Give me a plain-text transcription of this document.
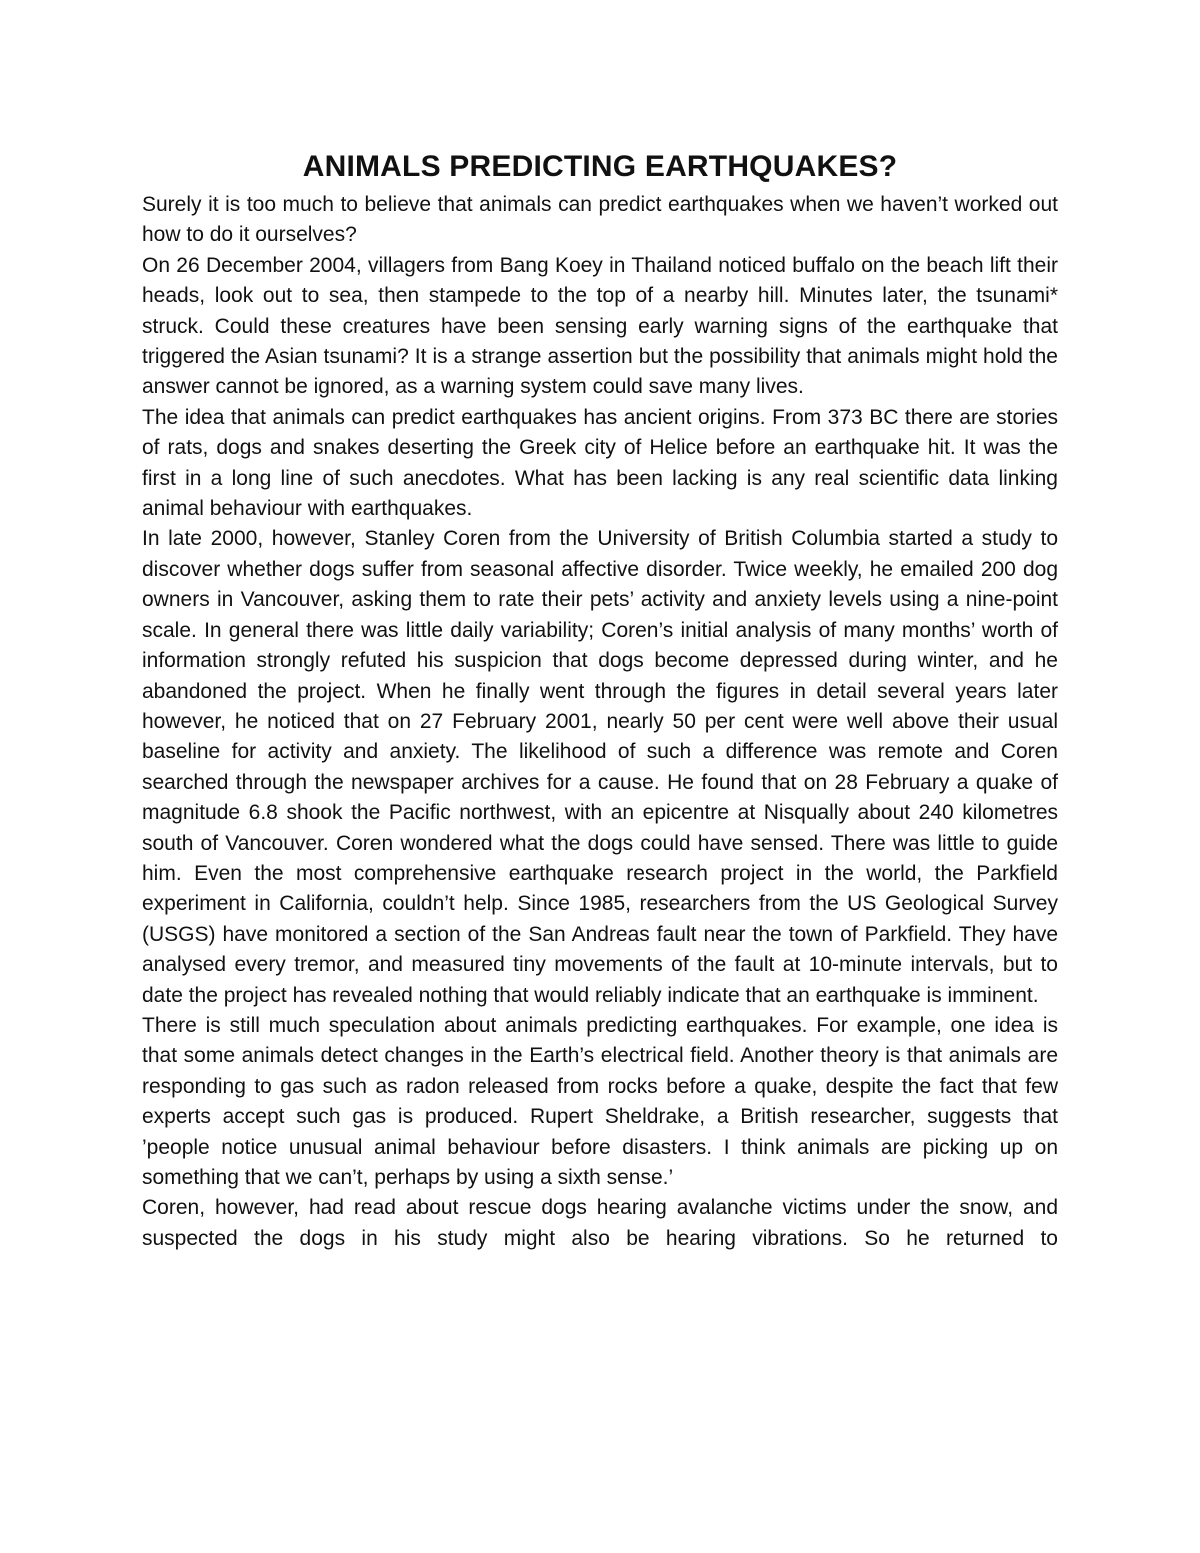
ANIMALS PREDICTING EARTHQUAKES?

Surely it is too much to believe that animals can predict earthquakes when we haven’t worked out how to do it ourselves?

On 26 December 2004, villagers from Bang Koey in Thailand noticed buffalo on the beach lift their heads, look out to sea, then stampede to the top of a nearby hill. Minutes later, the tsunami* struck. Could these creatures have been sensing early warning signs of the earthquake that triggered the Asian tsunami? It is a strange assertion but the possibility that animals might hold the answer cannot be ignored, as a warning system could save many lives.

The idea that animals can predict earthquakes has ancient origins. From 373 BC there are stories of rats, dogs and snakes deserting the Greek city of Helice before an earthquake hit. It was the first in a long line of such anecdotes. What has been lacking is any real scientific data linking animal behaviour with earthquakes.

In late 2000, however, Stanley Coren from the University of British Columbia started a study to discover whether dogs suffer from seasonal affective disorder. Twice weekly, he emailed 200 dog owners in Vancouver, asking them to rate their pets’ activity and anxiety levels using a nine-point scale. In general there was little daily variability; Coren’s initial analysis of many months’ worth of information strongly refuted his suspicion that dogs become depressed during winter, and he abandoned the project. When he finally went through the figures in detail several years later however, he noticed that on 27 February 2001, nearly 50 per cent were well above their usual baseline for activity and anxiety. The likelihood of such a difference was remote and Coren searched through the newspaper archives for a cause. He found that on 28 February a quake of magnitude 6.8 shook the Pacific northwest, with an epicentre at Nisqually about 240 kilometres south of Vancouver. Coren wondered what the dogs could have sensed. There was little to guide him. Even the most comprehensive earthquake research project in the world, the Parkfield experiment in California, couldn’t help. Since 1985, researchers from the US Geological Survey (USGS) have monitored a section of the San Andreas fault near the town of Parkfield. They have analysed every tremor, and measured tiny movements of the fault at 10-minute intervals, but to date the project has revealed nothing that would reliably indicate that an earthquake is imminent.

There is still much speculation about animals predicting earthquakes. For example, one idea is that some animals detect changes in the Earth’s electrical field. Another theory is that animals are responding to gas such as radon released from rocks before a quake, despite the fact that few experts accept such gas is produced. Rupert Sheldrake, a British researcher, suggests that ’people notice unusual animal behaviour before disasters. I think animals are picking up on something that we can’t, perhaps by using a sixth sense.’

Coren, however, had read about rescue dogs hearing avalanche victims under the snow, and suspected the dogs in his study might also be hearing vibrations. So he returned to
